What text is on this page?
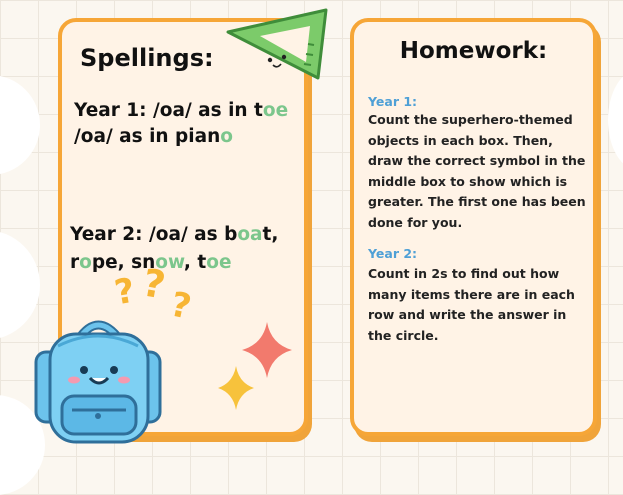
Spellings:
Year 1: /oa/ as in toe
/oa/ as in piano
Year 2: /oa/ as boat,
rope, snow, toe
Homework:
Year 1:
Count the superhero-themed objects in each box. Then, draw the correct symbol in the middle box to show which is greater. The first one has been done for you.
Year 2:
Count in 2s to find out how many items there are in each row and write the answer in the circle.
? ?
?
